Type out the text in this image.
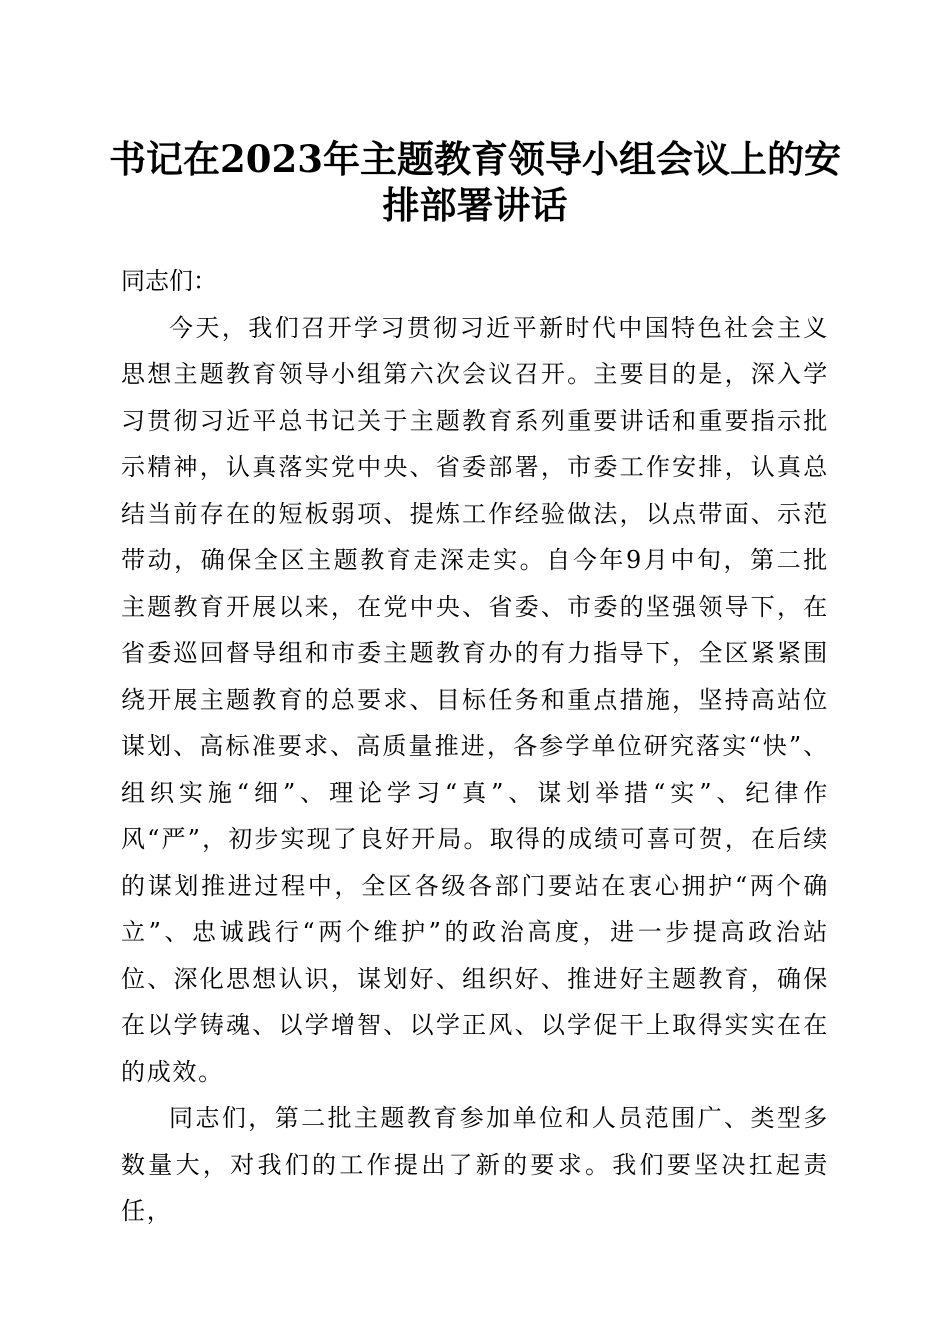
书记在2023年主题教育领导小组会议上的安排部署讲话

同志们：

今天，我们召开学习贯彻习近平新时代中国特色社会主义思想主题教育领导小组第六次会议召开。主要目的是，深入学习贯彻习近平总书记关于主题教育系列重要讲话和重要指示批示精神，认真落实党中央、省委部署，市委工作安排，认真总结当前存在的短板弱项、提炼工作经验做法，以点带面、示范带动，确保全区主题教育走深走实。自今年9月中旬，第二批主题教育开展以来，在党中央、省委、市委的坚强领导下，在省委巡回督导组和市委主题教育办的有力指导下，全区紧紧围绕开展主题教育的总要求、目标任务和重点措施，坚持高站位谋划、高标准要求、高质量推进，各参学单位研究落实“快”、组织实施“细”、理论学习“真”、谋划举措“实”、纪律作风“严”，初步实现了良好开局。取得的成绩可喜可贺，在后续的谋划推进过程中，全区各级各部门要站在衷心拥护“两个确立”、忠诚践行“两个维护”的政治高度，进一步提高政治站位、深化思想认识，谋划好、组织好、推进好主题教育，确保在以学铸魂、以学增智、以学正风、以学促干上取得实实在在的成效。

同志们，第二批主题教育参加单位和人员范围广、类型多数量大，对我们的工作提出了新的要求。我们要坚决扛起责任，
